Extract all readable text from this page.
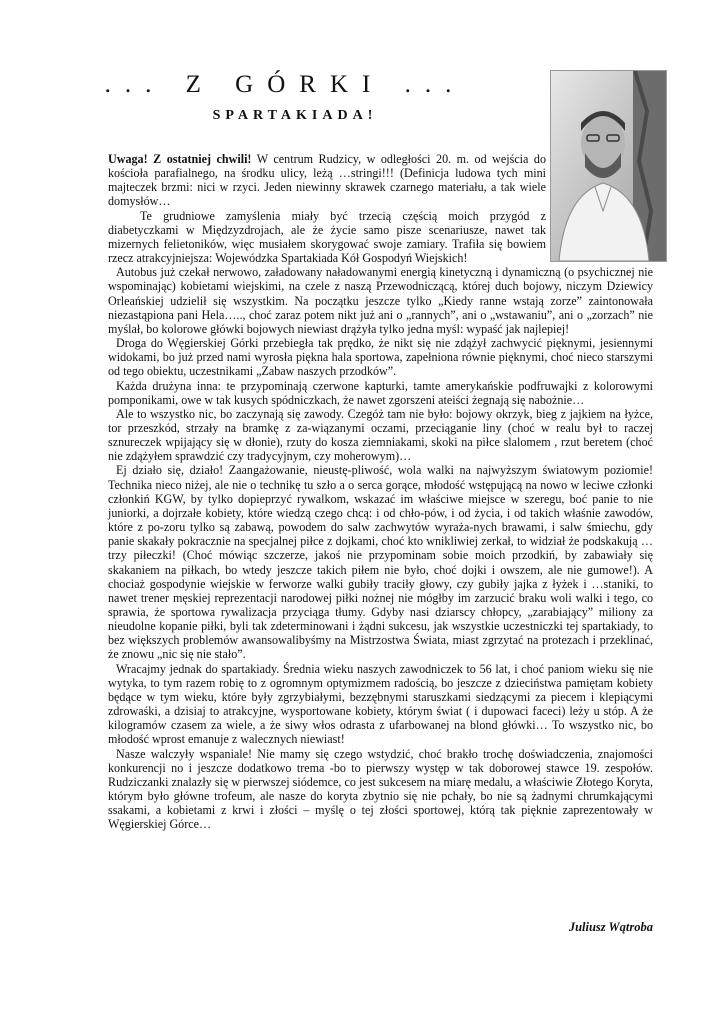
... Z GÓRKI ...
SPARTAKIADA!

Uwaga! Z ostatniej chwili! W centrum Rudzicy, w odległości 20. m. od wejścia do kościoła parafialnego, na środku ulicy, leżą …stringi!!! (Definicja ludowa tych mini majteczek brzmi: nici w rzyci. Jeden niewinny skrawek czarnego materiału, a tak wiele domysłów…

Te grudniowe zamyślenia miały być trzecią częścią moich przygód z diabetyczkami w Międzyzdrojach, ale że życie samo pisze scenariusze, nawet tak mizernych felietoników, więc musiałem skorygować swoje zamiary. Trafiła się bowiem rzecz atrakcyjniejsza: Wojewódzka Spartakiada Kół Gospodyń Wiejskich!

Autobus już czekał nerwowo, załadowany naładowanymi energią kinetyczną i dynamiczną (o psychicznej nie wspominając) kobietami wiejskimi, na czele z naszą Przewodniczącą, której duch bojowy, niczym Dziewicy Orleańskiej udzielił się wszystkim. Na początku jeszcze tylko „Kiedy ranne wstają zorze” zaintonowała niezastąpiona pani Hela….., choć zaraz potem nikt już ani o „rannych”, ani o „wstawaniu”, ani o „zorzach” nie myślał, bo kolorowe główki bojowych niewiast drążyła tylko jedna myśl: wypaść jak najlepiej!

Droga do Węgierskiej Górki przebiegła tak prędko, że nikt się nie zdążył zachwycić pięknymi, jesiennymi widokami, bo już przed nami wyrosła piękna hala sportowa, zapełniona równie pięknymi, choć nieco starszymi od tego obiektu, uczestnikami „Zabaw naszych przodków”.

Każda drużyna inna: te przypominają czerwone kapturki, tamte amerykańskie podfruwajki z kolorowymi pomponikami, owe w tak kusych spódniczkach, że nawet zgorszeni ateiści żegnają się nabożnie…

Ale to wszystko nic, bo zaczynają się zawody. Czegóż tam nie było: bojowy okrzyk, bieg z jajkiem na łyżce, tor przeszkód, strzały na bramkę z za-wiązanymi oczami, przeciąganie liny (choć w realu był to raczej sznureczek wpijający się w dłonie), rzuty do kosza ziemniakami, skoki na piłce slalomem , rzut beretem (choć nie zdążyłem sprawdzić czy tradycyjnym, czy moherowym)…

Ej działo się, działo! Zaangażowanie, nieustę-pliwość, wola walki na najwyższym światowym poziomie! Technika nieco niżej, ale nie o technikę tu szło a o serca gorące, młodość wstępującą na nowo w leciwe członki członkiń KGW, by tylko dopieprzyć rywalkom, wskazać im właściwe miejsce w szeregu, boć panie to nie juniorki, a dojrzałe kobiety, które wiedzą czego chcą: i od chło-pów, i od życia, i od takich właśnie zawodów, które z po-zoru tylko są zabawą, powodem do salw zachwytów wyraża-nych brawami, i salw śmiechu, gdy panie skakały pokracznie na specjalnej piłce z dojkami, choć kto wnikliwiej zerkał, to widział że podskakują …trzy piłeczki! (Choć mówiąc szczerze, jakoś nie przypominam sobie moich przodkiń, by zabawiały się skakaniem na piłkach, bo wtedy jeszcze takich piłem nie było, choć dojki i owszem, ale nie gumowe!). A chociaż gospodynie wiejskie w ferworze walki gubiły traciły głowy, czy gubiły jajka z łyżek i …staniki, to nawet trener męskiej reprezentacji narodowej piłki nożnej nie mógłby im zarzucić braku woli walki i tego, co sprawia, że sportowa rywalizacja przyciąga tłumy. Gdyby nasi dziarscy chłopcy, „zarabiający” miliony za nieudolne kopanie piłki, byli tak zdeterminowani i żądni sukcesu, jak wszystkie uczestniczki tej spartakiady, to bez większych problemów awansowalibyśmy na Mistrzostwa Świata, miast zgrzytać na protezach i przeklinać, że znowu „nic się nie stało”.

Wracajmy jednak do spartakiady. Średnia wieku naszych zawodniczek to 56 lat, i choć paniom wieku się nie wytyka, to tym razem robię to z ogromnym optymizmem radością, bo jeszcze z dzieciństwa pamiętam kobiety będące w tym wieku, które były zgrzybiałymi, bezzębnymi staruszkami siedzącymi za piecem i klepiącymi zdrowaśki, a dzisiaj to atrakcyjne, wysportowane kobiety, którym świat ( i dupowaci faceci) leży u stóp. A że kilogramów czasem za wiele, a że siwy włos odrasta z ufarbowanej na blond główki… To wszystko nic, bo młodość wprost emanuje z walecznych niewiast!

Nasze walczyły wspaniale! Nie mamy się czego wstydzić, choć brakło trochę doświadczenia, znajomości konkurencji no i jeszcze dodatkowo trema -bo to pierwszy występ w tak doborowej stawce 19. zespołów. Rudziczanki znalazły się w pierwszej siódemce, co jest sukcesem na miarę medalu, a właściwie Złotego Koryta, którym było główne trofeum, ale nasze do koryta zbytnio się nie pchały, bo nie są żadnymi chrumkającymi ssakami, a kobietami z krwi i złości – myślę o tej złości sportowej, którą tak pięknie zaprezentowały w Węgierskiej Górce…

Juliusz Wątroba
